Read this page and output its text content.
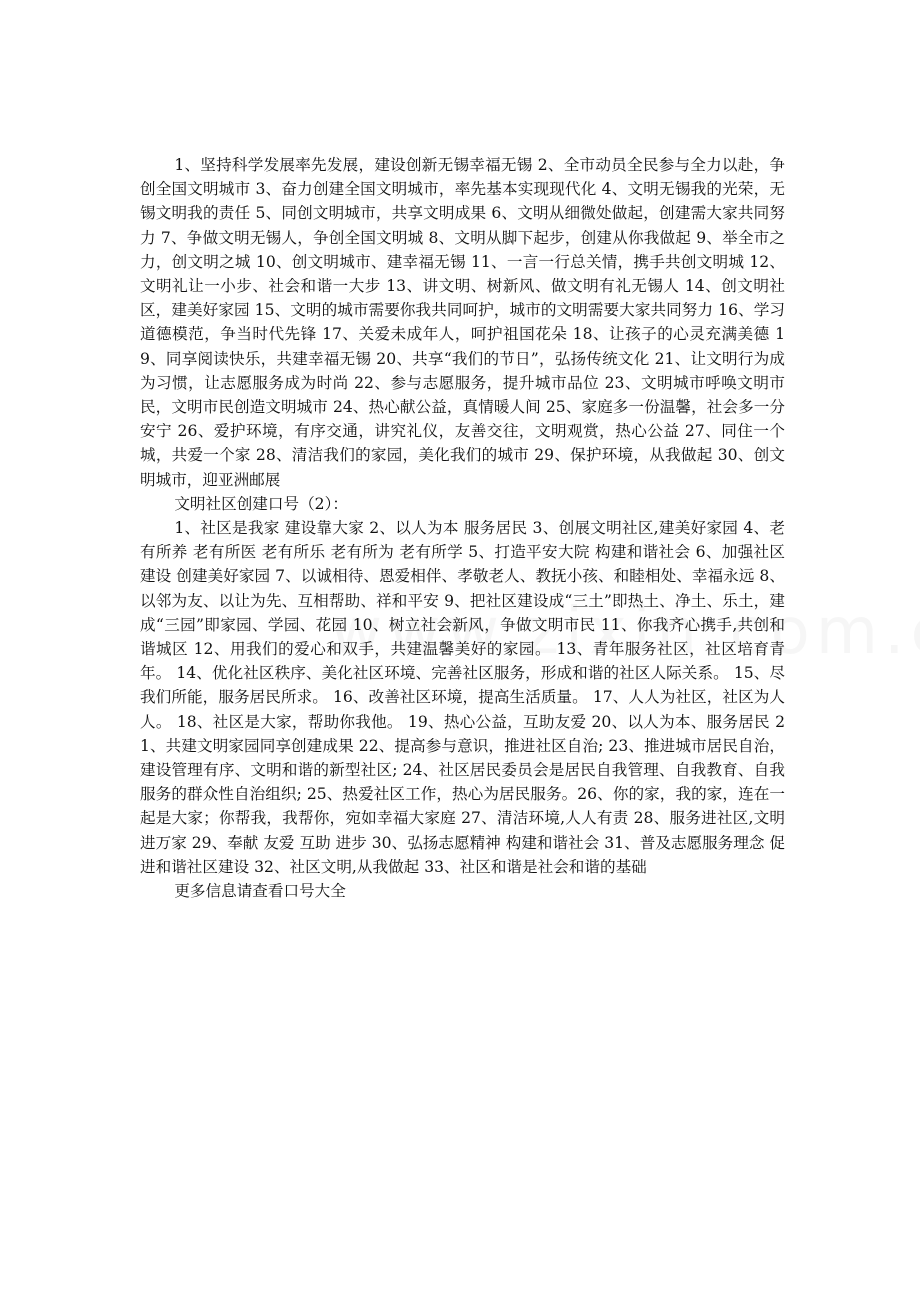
1、坚持科学发展率先发展，建设创新无锡幸福无锡 2、全市动员全民参与全力以赴，争创全国文明城市 3、奋力创建全国文明城市，率先基本实现现代化 4、文明无锡我的光荣，无锡文明我的责任 5、同创文明城市，共享文明成果 6、文明从细微处做起，创建需大家共同努力 7、争做文明无锡人，争创全国文明城 8、文明从脚下起步，创建从你我做起 9、举全市之力，创文明之城 10、创文明城市、建幸福无锡 11、一言一行总关情，携手共创文明城 12、文明礼让一小步、社会和谐一大步 13、讲文明、树新风、做文明有礼无锡人 14、创文明社区，建美好家园 15、文明的城市需要你我共同呵护，城市的文明需要大家共同努力 16、学习道德模范，争当时代先锋 17、关爱未成年人，呵护祖国花朵 18、让孩子的心灵充满美德 19、同享阅读快乐，共建幸福无锡 20、共享“我们的节日”，弘扬传统文化 21、让文明行为成为习惯，让志愿服务成为时尚 22、参与志愿服务，提升城市品位 23、文明城市呼唤文明市民，文明市民创造文明城市 24、热心献公益，真情暖人间 25、家庭多一份温馨，社会多一分安宁 26、爱护环境，有序交通，讲究礼仪，友善交往，文明观赏，热心公益 27、同住一个城，共爱一个家 28、清洁我们的家园，美化我们的城市 29、保护环境，从我做起 30、创文明城市，迎亚洲邮展

文明社区创建口号（2）：

1、社区是我家 建设靠大家 2、以人为本 服务居民 3、创展文明社区,建美好家园 4、老有所养 老有所医 老有所乐 老有所为 老有所学 5、打造平安大院 构建和谐社会 6、加强社区建设 创建美好家园 7、以诚相待、恩爱相伴、孝敬老人、教抚小孩、和睦相处、幸福永远 8、以邻为友、以让为先、互相帮助、祥和平安 9、把社区建设成“三土”即热土、净土、乐土，建成“三园”即家园、学园、花园 10、树立社会新风，争做文明市民 11、你我齐心携手,共创和谐城区 12、用我们的爱心和双手，共建温馨美好的家园。 13、青年服务社区，社区培育青年。 14、优化社区秩序、美化社区环境、完善社区服务，形成和谐的社区人际关系。 15、尽我们所能，服务居民所求。 16、改善社区环境，提高生活质量。 17、人人为社区，社区为人人。 18、社区是大家，帮助你我他。 19、热心公益，互助友爱 20、以人为本、服务居民 21、共建文明家园同享创建成果 22、提高参与意识，推进社区自治; 23、推进城市居民自治，建设管理有序、文明和谐的新型社区; 24、社区居民委员会是居民自我管理、自我教育、自我服务的群众性自治组织; 25、热爱社区工作，热心为居民服务。26、你的家，我的家，连在一起是大家；你帮我，我帮你，宛如幸福大家庭 27、清洁环境,人人有责 28、服务进社区,文明进万家 29、奉献 友爱 互助 进步 30、弘扬志愿精神 构建和谐社会 31、普及志愿服务理念 促进和谐社区建设 32、社区文明,从我做起 33、社区和谐是社会和谐的基础

更多信息请查看口号大全
